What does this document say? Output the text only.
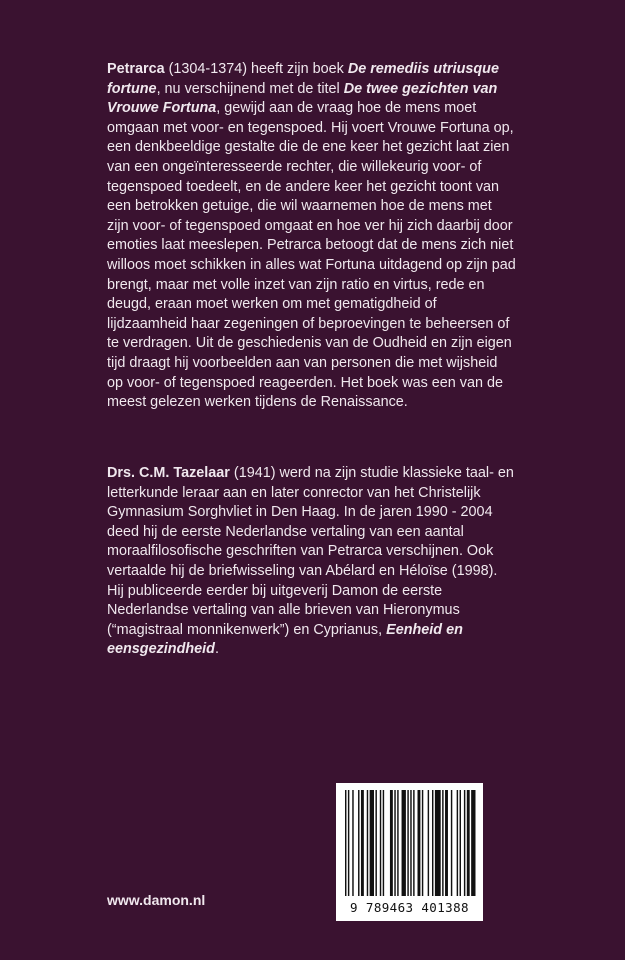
Petrarca (1304-1374) heeft zijn boek De remediis utriusque fortune, nu verschijnend met de titel De twee gezichten van Vrouwe Fortuna, gewijd aan de vraag hoe de mens moet omgaan met voor- en tegenspoed. Hij voert Vrouwe Fortuna op, een denkbeeldige gestalte die de ene keer het gezicht laat zien van een ongeïnteresseerde rechter, die willekeurig voor- of tegenspoed toedeelt, en de andere keer het gezicht toont van een betrokken getuige, die wil waarnemen hoe de mens met zijn voor- of tegenspoed omgaat en hoe ver hij zich daarbij door emoties laat meeslepen. Petrarca betoogt dat de mens zich niet willoos moet schikken in alles wat Fortuna uitdagend op zijn pad brengt, maar met volle inzet van zijn ratio en virtus, rede en deugd, eraan moet werken om met gematigdheid of lijdzaamheid haar zegeningen of beproevingen te beheersen of te verdragen. Uit de geschiedenis van de Oudheid en zijn eigen tijd draagt hij voorbeelden aan van personen die met wijsheid op voor- of tegenspoed reageerden. Het boek was een van de meest gelezen werken tijdens de Renaissance.

Drs. C.M. Tazelaar (1941) werd na zijn studie klassieke taal- en letterkunde leraar aan en later conrector van het Christelijk Gymnasium Sorghvliet in Den Haag. In de jaren 1990 - 2004 deed hij de eerste Nederlandse vertaling van een aantal moraalfilosofische geschriften van Petrarca verschijnen. Ook vertaalde hij de briefwisseling van Abélard en Héloïse (1998). Hij publiceerde eerder bij uitgeverij Damon de eerste Nederlandse vertaling van alle brieven van Hieronymus (“magistraal monnikenwerk”) en Cyprianus, Eenheid en eensgezindheid.

www.damon.nl	9 789463 401388
